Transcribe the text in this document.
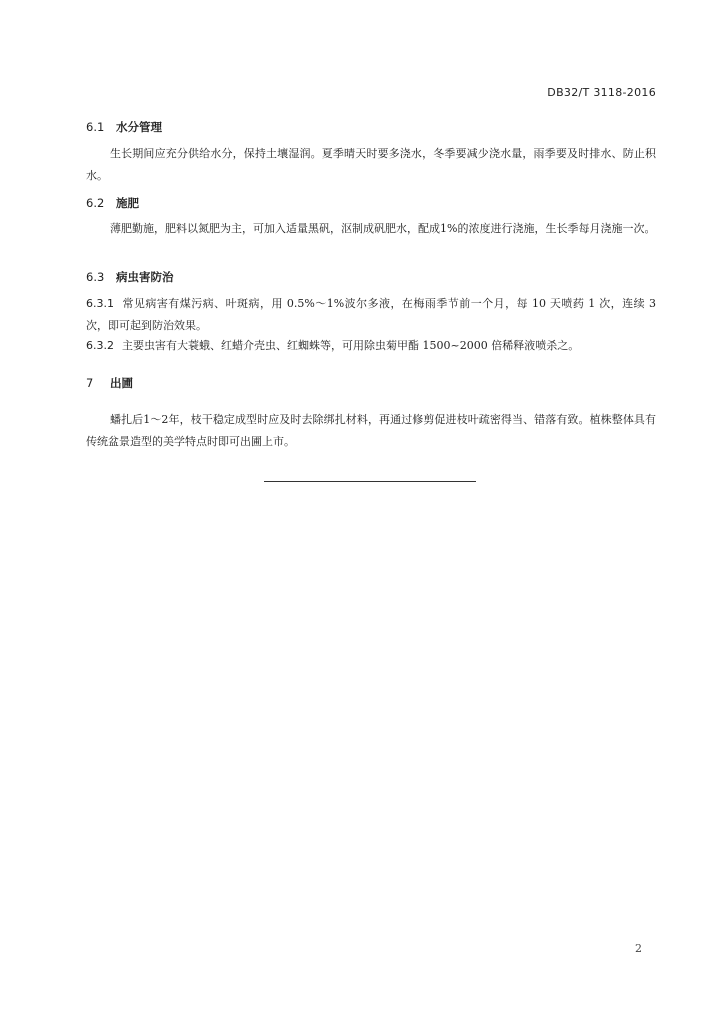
DB32/T 3118-2016
6.1 水分管理
生长期间应充分供给水分，保持土壤湿润。夏季晴天时要多浇水，冬季要减少浇水量，雨季要及时排水、防止积水。
6.2 施肥
薄肥勤施，肥料以氮肥为主，可加入适量黑矾，沤制成矾肥水，配成1%的浓度进行浇施，生长季每月浇施一次。
6.3 病虫害防治
6.3.1 常见病害有煤污病、叶斑病，用 0.5%～1%波尔多液，在梅雨季节前一个月，每 10 天喷药 1 次，连续 3 次，即可起到防治效果。
6.3.2 主要虫害有大蓑蛾、红蜡介壳虫、红蜘蛛等，可用除虫菊甲酯 1500~2000 倍稀释液喷杀之。
7 出圃
蟠扎后1～2年，枝干稳定成型时应及时去除绑扎材料，再通过修剪促进枝叶疏密得当、错落有致。植株整体具有传统盆景造型的美学特点时即可出圃上市。
2
